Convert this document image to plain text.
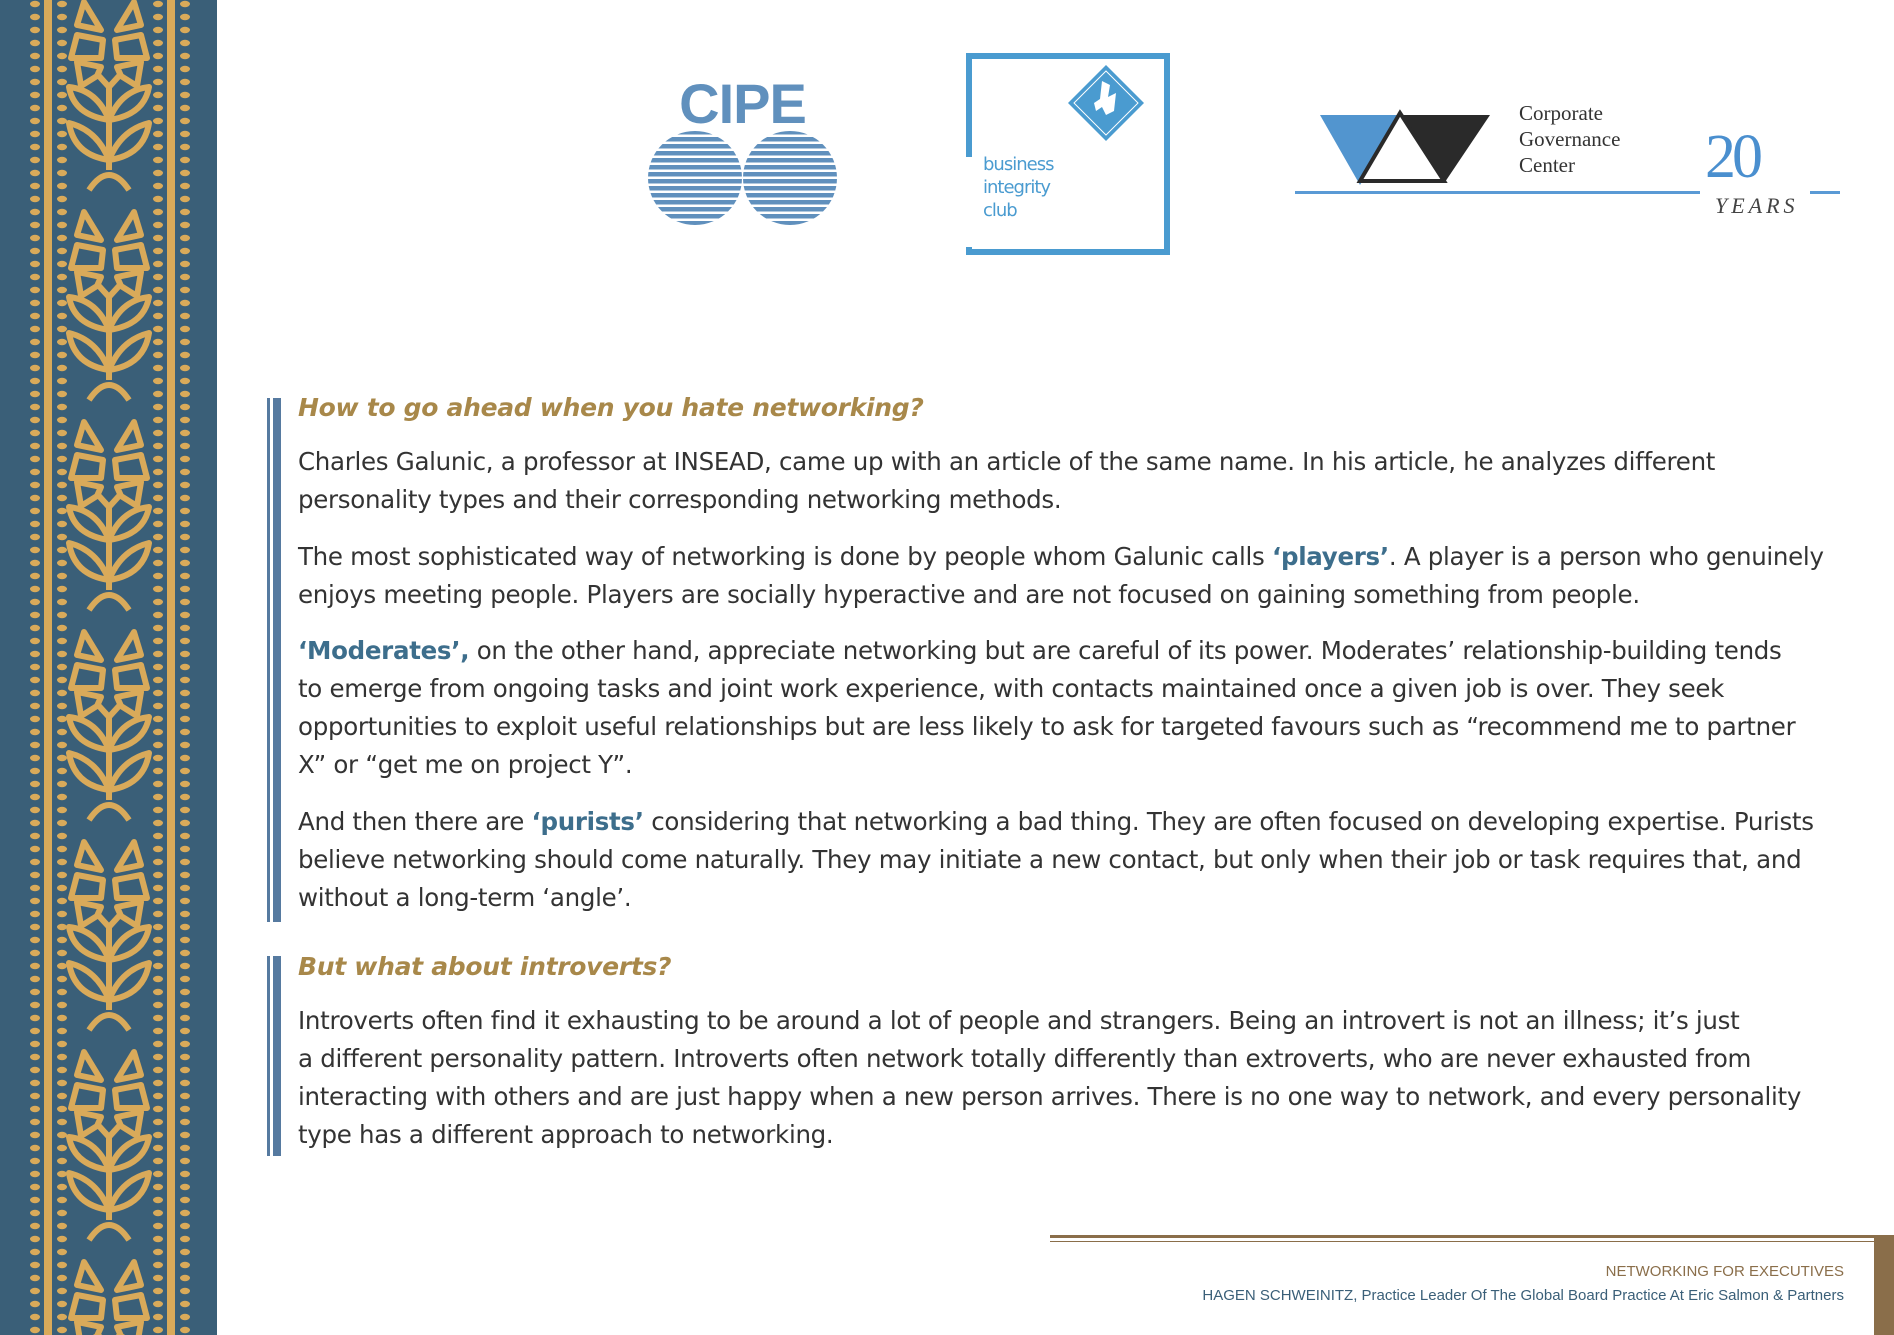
CIPE
business
integrity
club
Corporate
Governance
Center	20
YEARS
How to go ahead when you hate networking?
Charles Galunic, a professor at INSEAD, came up with an article of the same name. In his article, he analyzes different
personality types and their corresponding networking methods.
The most sophisticated way of networking is done by people whom Galunic calls ‘players’. A player is a person who genuinely
enjoys meeting people. Players are socially hyperactive and are not focused on gaining something from people.
‘Moderates’, on the other hand, appreciate networking but are careful of its power. Moderates’ relationship-building tends
to emerge from ongoing tasks and joint work experience, with contacts maintained once a given job is over. They seek
opportunities to exploit useful relationships but are less likely to ask for targeted favours such as “recommend me to partner
X” or “get me on project Y”.
And then there are ‘purists’ considering that networking a bad thing. They are often focused on developing expertise. Purists
believe networking should come naturally. They may initiate a new contact, but only when their job or task requires that, and
without a long-term ‘angle’.
But what about introverts?
Introverts often find it exhausting to be around a lot of people and strangers. Being an introvert is not an illness; it’s just
a different personality pattern. Introverts often network totally differently than extroverts, who are never exhausted from
interacting with others and are just happy when a new person arrives. There is no one way to network, and every personality
type has a different approach to networking.
NETWORKING FOR EXECUTIVES
HAGEN SCHWEINITZ, Practice Leader Of The Global Board Practice At Eric Salmon & Partners
